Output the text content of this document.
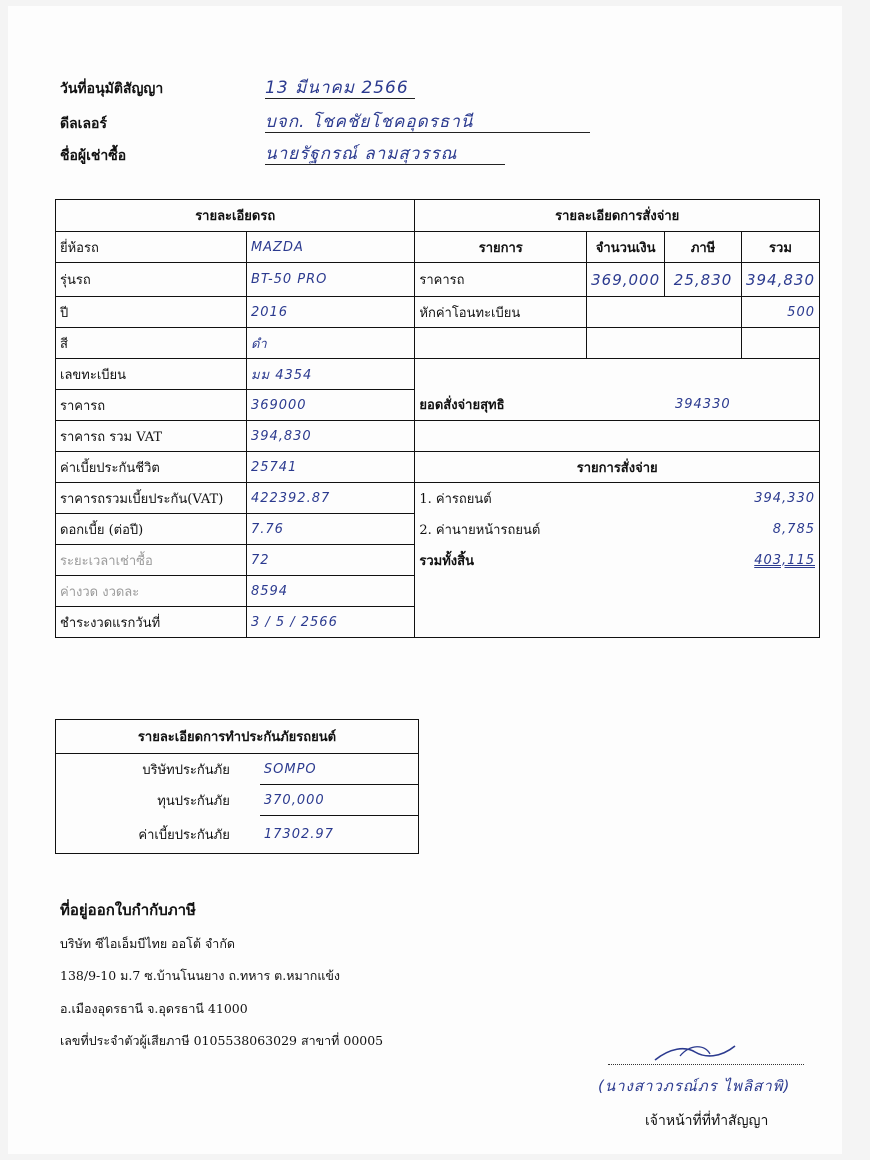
วันที่อนุมัติสัญญา	13 มีนาคม 2566
ดีลเลอร์	บจก. โชคชัยโชคอุดรธานี
ชื่อผู้เช่าซื้อ	นายรัฐกรณ์ ลามสุวรรณ
รายละเอียดรถ		รายละเอียดการสั่งจ่าย			
ยี่ห้อรถ	MAZDA	รายการ	จำนวนเงิน	ภาษี	รวม
รุ่นรถ	BT-50 PRO	ราคารถ	369,000	25,830	394,830
ปี	2016	หักค่าโอนทะเบียน			500
สี	ดำ				
เลขทะเบียน	มม 4354				
ราคารถ	369000	ยอดสั่งจ่ายสุทธิ	394330		
ราคารถ รวม VAT	394,830				
ค่าเบี้ยประกันชีวิต	25741	รายการสั่งจ่าย			
ราคารถรวมเบี้ยประกัน(VAT)	422392.87	1. ค่ารถยนต์	394,330		
ดอกเบี้ย (ต่อปี)	7.76	2. ค่านายหน้ารถยนต์	8,785		
ระยะเวลาเช่าซื้อ	72	รวมทั้งสิ้น	403,115		
ค่างวด งวดละ	8594				
ชำระงวดแรกวันที่	3 / 5 / 2566				
รายละเอียดการทำประกันภัยรถยนต์	
บริษัทประกันภัย	SOMPO
ทุนประกันภัย	370,000
ค่าเบี้ยประกันภัย	17302.97
ที่อยู่ออกใบกำกับภาษี
บริษัท ซีไอเอ็มบีไทย ออโต้ จำกัด
138/9-10 ม.7 ซ.บ้านโนนยาง ถ.ทหาร ต.หมากแข้ง
อ.เมืองอุดรธานี จ.อุดรธานี 41000
เลขที่ประจำตัวผู้เสียภาษี 0105538063029 สาขาที่ 00005
(นางสาวภรณ์ภร ไพลิสาพิ)
เจ้าหน้าที่ที่ทำสัญญา
